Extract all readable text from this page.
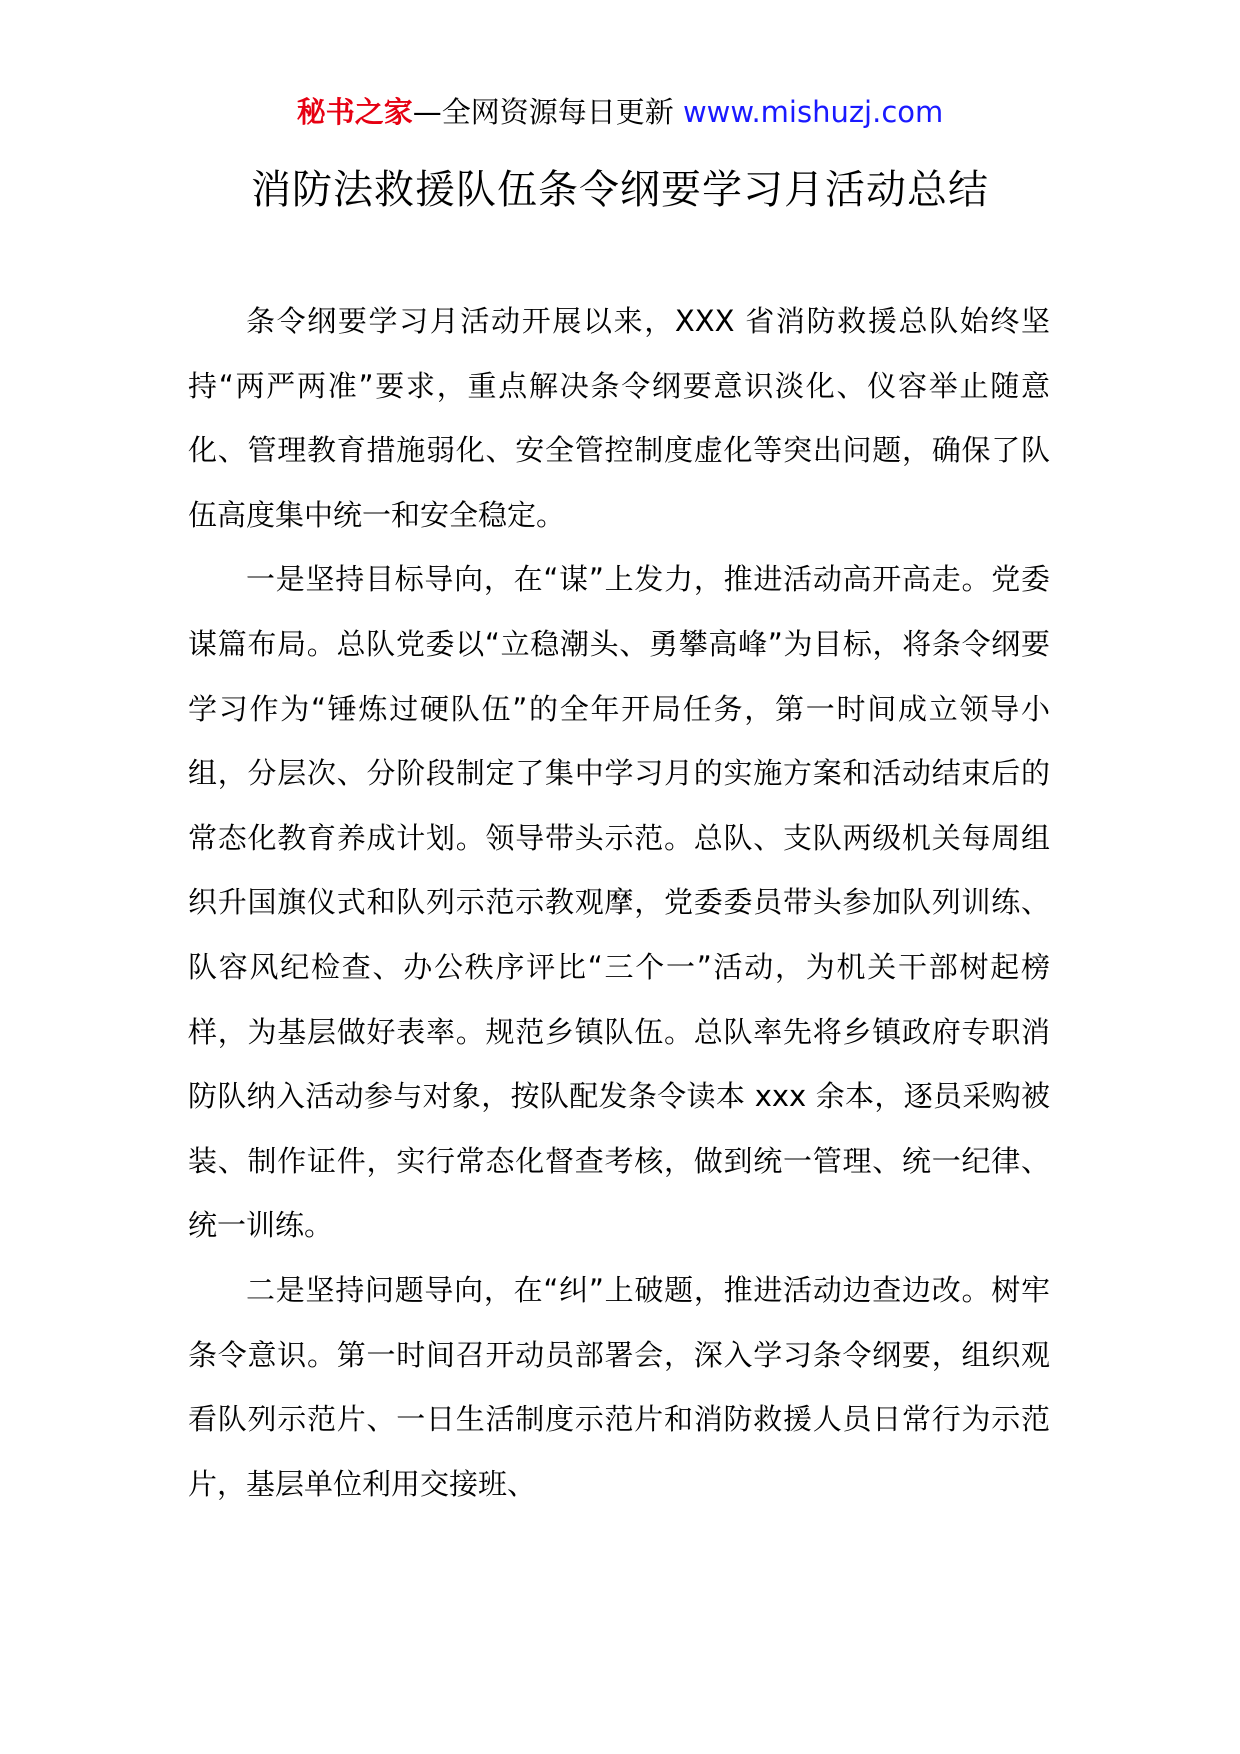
秘书之家—全网资源每日更新 www.mishuzj.com
消防法救援队伍条令纲要学习月活动总结

条令纲要学习月活动开展以来，XXX 省消防救援总队始终坚持“两严两准”要求，重点解决条令纲要意识淡化、仪容举止随意化、管理教育措施弱化、安全管控制度虚化等突出问题，确保了队伍高度集中统一和安全稳定。

一是坚持目标导向，在“谋”上发力，推进活动高开高走。党委谋篇布局。总队党委以“立稳潮头、勇攀高峰”为目标，将条令纲要学习作为“锤炼过硬队伍”的全年开局任务，第一时间成立领导小组，分层次、分阶段制定了集中学习月的实施方案和活动结束后的常态化教育养成计划。领导带头示范。总队、支队两级机关每周组织升国旗仪式和队列示范示教观摩，党委委员带头参加队列训练、队容风纪检查、办公秩序评比“三个一”活动，为机关干部树起榜样，为基层做好表率。规范乡镇队伍。总队率先将乡镇政府专职消防队纳入活动参与对象，按队配发条令读本 xxx 余本，逐员采购被装、制作证件，实行常态化督查考核，做到统一管理、统一纪律、统一训练。

二是坚持问题导向，在“纠”上破题，推进活动边查边改。树牢条令意识。第一时间召开动员部署会，深入学习条令纲要，组织观看队列示范片、一日生活制度示范片和消防救援人员日常行为示范片，基层单位利用交接班、
